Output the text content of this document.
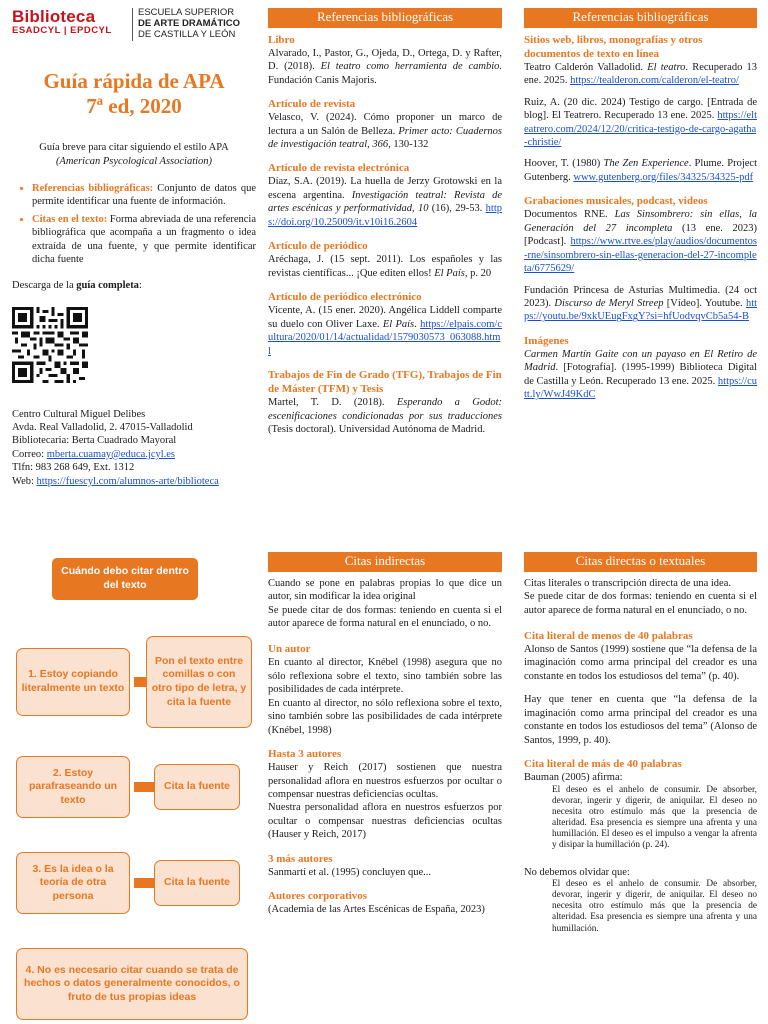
Biblioteca
ESADCYL | EPDCYL
ESCUELA SUPERIOR
DE ARTE DRAMÁTICO
DE CASTILLA Y LEÓN
Guía rápida de APA
7ª ed, 2020
Guía breve para citar siguiendo el estilo APA
(American Psycological Association)
• Referencias bibliográficas: Conjunto de datos que permite identificar una fuente de información.
• Citas en el texto: Forma abreviada de una referencia bibliográfica que acompaña a un fragmento o idea extraída de una fuente, y que permite identificar dicha fuente
Descarga de la guía completa:
Centro Cultural Miguel Delibes
Avda. Real Valladolid, 2. 47015-Valladolid
Bibliotecaria: Berta Cuadrado Mayoral
Correo: mberta.cuamay@educa.jcyl.es
Tlfn: 983 268 649, Ext. 1312
Web: https://fuescyl.com/alumnos-arte/biblioteca
Referencias bibliográficas
Libro
Alvarado, I., Pastor, G., Ojeda, D., Ortega, D. y Rafter, D. (2018). El teatro como herramienta de cambio. Fundación Canis Majoris.
Artículo de revista
Velasco, V. (2024). Cómo proponer un marco de lectura a un Salón de Belleza. Primer acto: Cuadernos de investigación teatral, 366, 130-132
Artículo de revista electrónica
Díaz, S.A. (2019). La huella de Jerzy Grotowski en la escena argentina. Investigación teatral: Revista de artes escénicas y performatividad, 10 (16), 29-53. https://doi.org/10.25009/it.v10i16.2604
Artículo de periódico
Aréchaga, J. (15 sept. 2011). Los españoles y las revistas científicas... ¡Que editen ellos! El País, p. 20
Artículo de periódico electrónico
Vicente, A. (15 ener. 2020). Angélica Liddell comparte su duelo con Oliver Laxe. El País. https://elpais.com/cultura/2020/01/14/actualidad/1579030573_063088.html
Trabajos de Fin de Grado (TFG), Trabajos de Fin de Máster (TFM) y Tesis
Martel, T. D. (2018). Esperando a Godot: escenificaciones condicionadas por sus traducciones (Tesis doctoral). Universidad Autónoma de Madrid.
Referencias bibliográficas
Sitios web, libros, monografías y otros documentos de texto en línea
Teatro Calderón Valladolid. El teatro. Recuperado 13 ene. 2025. https://tealderon.com/calderon/el-teatro/
Ruiz, A. (20 dic. 2024) Testigo de cargo. [Entrada de blog]. El Teatrero. Recuperado 13 ene. 2025. https://elteatrero.com/2024/12/20/critica-testigo-de-cargo-agatha-christie/
Hoover, T. (1980) The Zen Experience. Plume. Project Gutenberg. www.gutenberg.org/files/34325/34325-pdf
Grabaciones musicales, podcast, videos
Documentos RNE. Las Sinsombrero: sin ellas, la Generación del 27 incompleta (13 ene. 2023) [Podcast]. https://www.rtve.es/play/audios/documentos-rne/sinsombrero-sin-ellas-generacion-del-27-incompleta/6775629/
Fundación Princesa de Asturias Multimedia. (24 oct 2023). Discurso de Meryl Streep [Vídeo]. Youtube. https://youtu.be/9xkUEugFxgY?si=hfUodvqvCb5a54-B
Imágenes
Carmen Martín Gaite con un payaso en El Retiro de Madrid. [Fotografía]. (1995-1999) Biblioteca Digital de Castilla y León. Recuperado 13 ene. 2025. https://cutt.ly/WwJ49KdC
Cuándo debo citar dentro del texto
1. Estoy copiando literalmente un texto
Pon el texto entre comillas o con otro tipo de letra, y cita la fuente
2. Estoy parafraseando un texto
Cita la fuente
3. Es la idea o la teoría de otra persona
Cita la fuente
4. No es necesario citar cuando se trata de hechos o datos generalmente conocidos, o fruto de tus propias ideas
Citas indirectas
Cuando se pone en palabras propias lo que dice un autor, sin modificar la idea original
Se puede citar de dos formas: teniendo en cuenta si el autor aparece de forma natural en el enunciado, o no.
Un autor
En cuanto al director, Knébel (1998) asegura que no sólo reflexiona sobre el texto, sino también sobre las posibilidades de cada intérprete.
En cuanto al director, no sólo reflexiona sobre el texto, sino también sobre las posibilidades de cada intérprete (Knébel, 1998)
Hasta 3 autores
Hauser y Reich (2017) sostienen que nuestra personalidad aflora en nuestros esfuerzos por ocultar o compensar nuestras deficiencias ocultas.
Nuestra personalidad aflora en nuestros esfuerzos por ocultar o compensar nuestras deficiencias ocultas (Hauser y Reich, 2017)
3 más autores
Sanmartí et al. (1995) concluyen que...
Autores corporativos
(Academia de las Artes Escénicas de España, 2023)
Citas directas o textuales
Citas literales o transcripción directa de una idea.
Se puede citar de dos formas: teniendo en cuenta si el autor aparece de forma natural en el enunciado, o no.
Cita literal de menos de 40 palabras
Alonso de Santos (1999) sostiene que “la defensa de la imaginación como arma principal del creador es una constante en todos los estudiosos del tema” (p. 40).
Hay que tener en cuenta que “la defensa de la imaginación como arma principal del creador es una constante en todos los estudiosos del tema” (Alonso de Santos, 1999, p. 40).
Cita literal de más de 40 palabras
Bauman (2005) afirma:
El deseo es el anhelo de consumir. De absorber, devorar, ingerir y digerir, de aniquilar. El deseo no necesita otro estímulo más que la presencia de alteridad. Esa presencia es siempre una afrenta y una humillación. El deseo es el impulso a vengar la afrenta y disipar la humillación (p. 24).
No debemos olvidar que:
El deseo es el anhelo de consumir. De absorber, devorar, ingerir y digerir, de aniquilar. El deseo no necesita otro estímulo más que la presencia de alteridad. Esa presencia es siempre una afrenta y una humillación.
